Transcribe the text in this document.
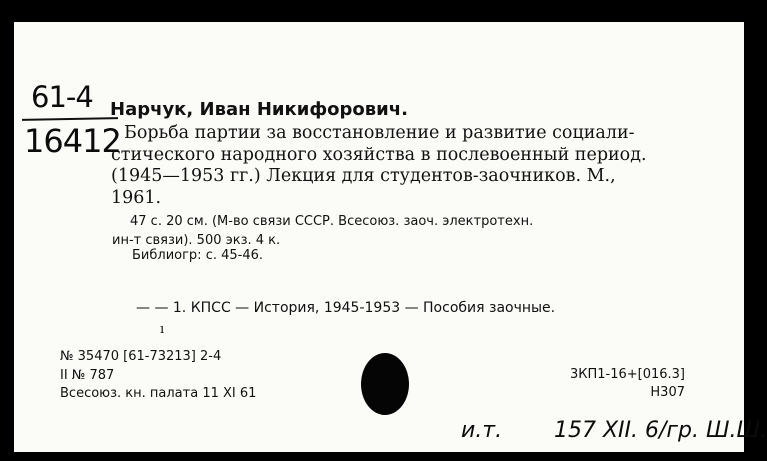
61-4
16412
Нарчук, Иван Никифорович.
Борьба партии за восстановление и развитие социали-
стического народного хозяйства в послевоенный период.
(1945—1953 гг.) Лекция для студентов-заочников. М.,
1961.
47 с. 20 см. (М-во связи СССР. Всесоюз. заоч. электротехн.
ин-т связи). 500 экз. 4 к.
Библиогр: с. 45-46.
— — 1. КПСС — История, 1945-1953 — Пособия заочные.
ı
№ 35470 [61-73213] 2-4
II № 787
Всесоюз. кн. палата 11 XI 61
3КП1-16+[016.3]
Н307
и.т. 157 XII. 6/гр. Ш.Ш.
